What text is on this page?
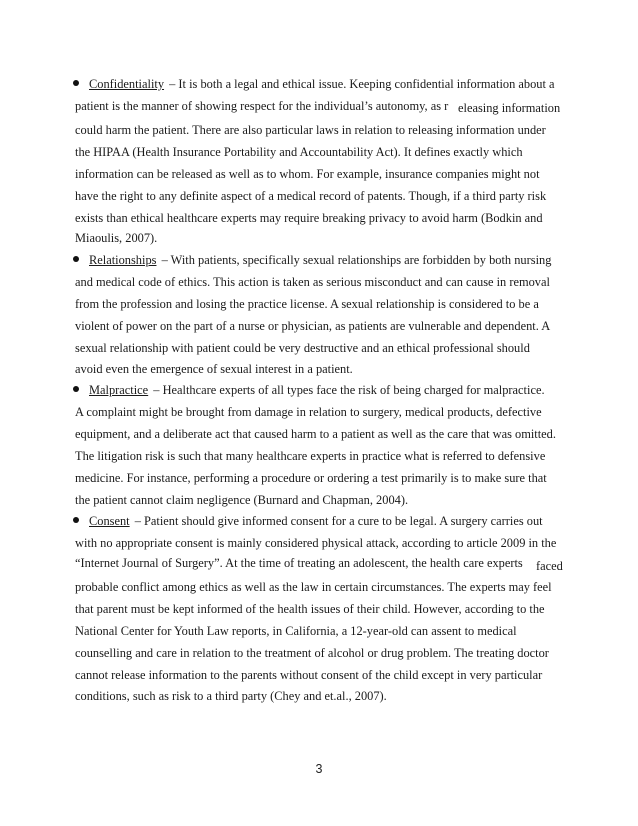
Confidentiality – It is both a legal and ethical issue. Keeping confidential information about a
patient is the manner of showing respect for the individual’s autonomy, as r eleasing information
could harm the patient. There are also particular laws in relation to releasing information under
the HIPAA (Health Insurance Portability and Accountability Act). It defines exactly which
information can be released as well as to whom. For example, insurance companies might not
have the right to any definite aspect of a medical record of patents. Though, if a third party risk
exists than ethical healthcare experts may require breaking privacy to avoid harm (Bodkin and
Miaoulis, 2007).
Relationships – With patients, specifically sexual relationships are forbidden by both nursing
and medical code of ethics. This action is taken as serious misconduct and can cause in removal
from the profession and losing the practice license. A sexual relationship is considered to be a
violent of power on the part of a nurse or physician, as patients are vulnerable and dependent. A
sexual relationship with patient could be very destructive and an ethical professional should
avoid even the emergence of sexual interest in a patient.
Malpractice – Healthcare experts of all types face the risk of being charged for malpractice.
A complaint might be brought from damage in relation to surgery, medical products, defective
equipment, and a deliberate act that caused harm to a patient as well as the care that was omitted.
The litigation risk is such that many healthcare experts in practice what is referred to defensive
medicine. For instance, performing a procedure or ordering a test primarily is to make sure that
the patient cannot claim negligence (Burnard and Chapman, 2004).
Consent – Patient should give informed consent for a cure to be legal. A surgery carries out
with no appropriate consent is mainly considered physical attack, according to article 2009 in the
“Internet Journal of Surgery”. At the time of treating an adolescent, the health care experts faced
probable conflict among ethics as well as the law in certain circumstances. The experts may feel
that parent must be kept informed of the health issues of their child. However, according to the
National Center for Youth Law reports, in California, a 12-year-old can assent to medical
counselling and care in relation to the treatment of alcohol or drug problem. The treating doctor
cannot release information to the parents without consent of the child except in very particular
conditions, such as risk to a third party (Chey and et.al., 2007).
3
